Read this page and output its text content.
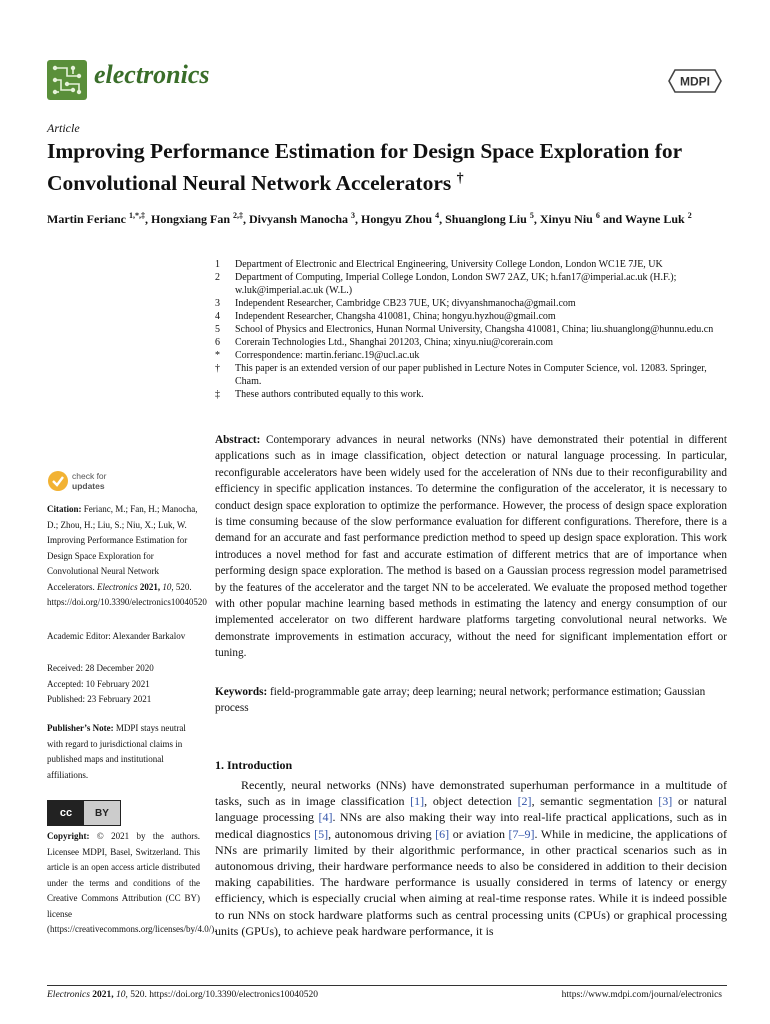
electronics	MDPI
Article
Improving Performance Estimation for Design Space Exploration for Convolutional Neural Network Accelerators †
Martin Ferianc $^{1,*,\ddagger}$, Hongxiang Fan $^{2,\ddagger}$, Divyansh Manocha $^3$, Hongyu Zhou $^4$, Shuanglong Liu $^5$, Xinyu Niu $^6$ and Wayne Luk $^2$
1	Department of Electronic and Electrical Engineering, University College London, London WC1E 7JE, UK
2	Department of Computing, Imperial College London, London SW7 2AZ, UK; h.fan17@imperial.ac.uk (H.F.); w.luk@imperial.ac.uk (W.L.)
3	Independent Researcher, Cambridge CB23 7UE, UK; divyanshmanocha@gmail.com
4	Independent Researcher, Changsha 410081, China; hongyu.hyzhou@gmail.com
5	School of Physics and Electronics, Hunan Normal University, Changsha 410081, China; liu.shuanglong@hunnu.edu.cn
6	Corerain Technologies Ltd., Shanghai 201203, China; xinyu.niu@corerain.com
*	Correspondence: martin.ferianc.19@ucl.ac.uk
†	This paper is an extended version of our paper published in Lecture Notes in Computer Science, vol. 12083. Springer, Cham.
‡	These authors contributed equally to this work.
check for
updates
Citation: Ferianc, M.; Fan, H.; Manocha, D.; Zhou, H.; Liu, S.; Niu, X.; Luk, W. Improving Performance Estimation for Design Space Exploration for Convolutional Neural Network Accelerators. Electronics 2021, 10, 520. https://doi.org/10.3390/electronics10040520
Academic Editor: Alexander Barkalov
Received: 28 December 2020
Accepted: 10 February 2021
Published: 23 February 2021
Publisher’s Note: MDPI stays neutral with regard to jurisdictional claims in published maps and institutional affiliations.
cc BY
Copyright: © 2021 by the authors. Licensee MDPI, Basel, Switzerland. This article is an open access article distributed under the terms and conditions of the Creative Commons Attribution (CC BY) license (https://creativecommons.org/licenses/by/4.0/).
Abstract: Contemporary advances in neural networks (NNs) have demonstrated their potential in different applications such as in image classification, object detection or natural language processing. In particular, reconfigurable accelerators have been widely used for the acceleration of NNs due to their reconfigurability and efficiency in specific application instances. To determine the configuration of the accelerator, it is necessary to conduct design space exploration to optimize the performance. However, the process of design space exploration is time consuming because of the slow performance evaluation for different configurations. Therefore, there is a demand for an accurate and fast performance prediction method to speed up design space exploration. This work introduces a novel method for fast and accurate estimation of different metrics that are of importance when performing design space exploration. The method is based on a Gaussian process regression model parametrised by the features of the accelerator and the target NN to be accelerated. We evaluate the proposed method together with other popular machine learning based methods in estimating the latency and energy consumption of our implemented accelerator on two different hardware platforms targeting convolutional neural networks. We demonstrate improvements in estimation accuracy, without the need for significant implementation effort or tuning.
Keywords: field-programmable gate array; deep learning; neural network; performance estimation; Gaussian process
1. Introduction
Recently, neural networks (NNs) have demonstrated superhuman performance in a multitude of tasks, such as in image classification [1], object detection [2], semantic segmentation [3] or natural language processing [4]. NNs are also making their way into real-life practical applications, such as in medical diagnostics [5], autonomous driving [6] or aviation [7–9]. While in medicine, the applications of NNs are primarily limited by their algorithmic performance, in other practical scenarios such as in autonomous driving, their hardware performance needs to also be considered in addition to their decision making capabilities. The hardware performance is usually considered in terms of latency or energy efficiency, which is especially crucial when aiming at real-time response rates. While it is indeed possible to run NNs on stock hardware platforms such as central processing units (CPUs) or graphical processing units (GPUs), to achieve peak hardware performance, it is
Electronics 2021, 10, 520. https://doi.org/10.3390/electronics10040520	https://www.mdpi.com/journal/electronics
